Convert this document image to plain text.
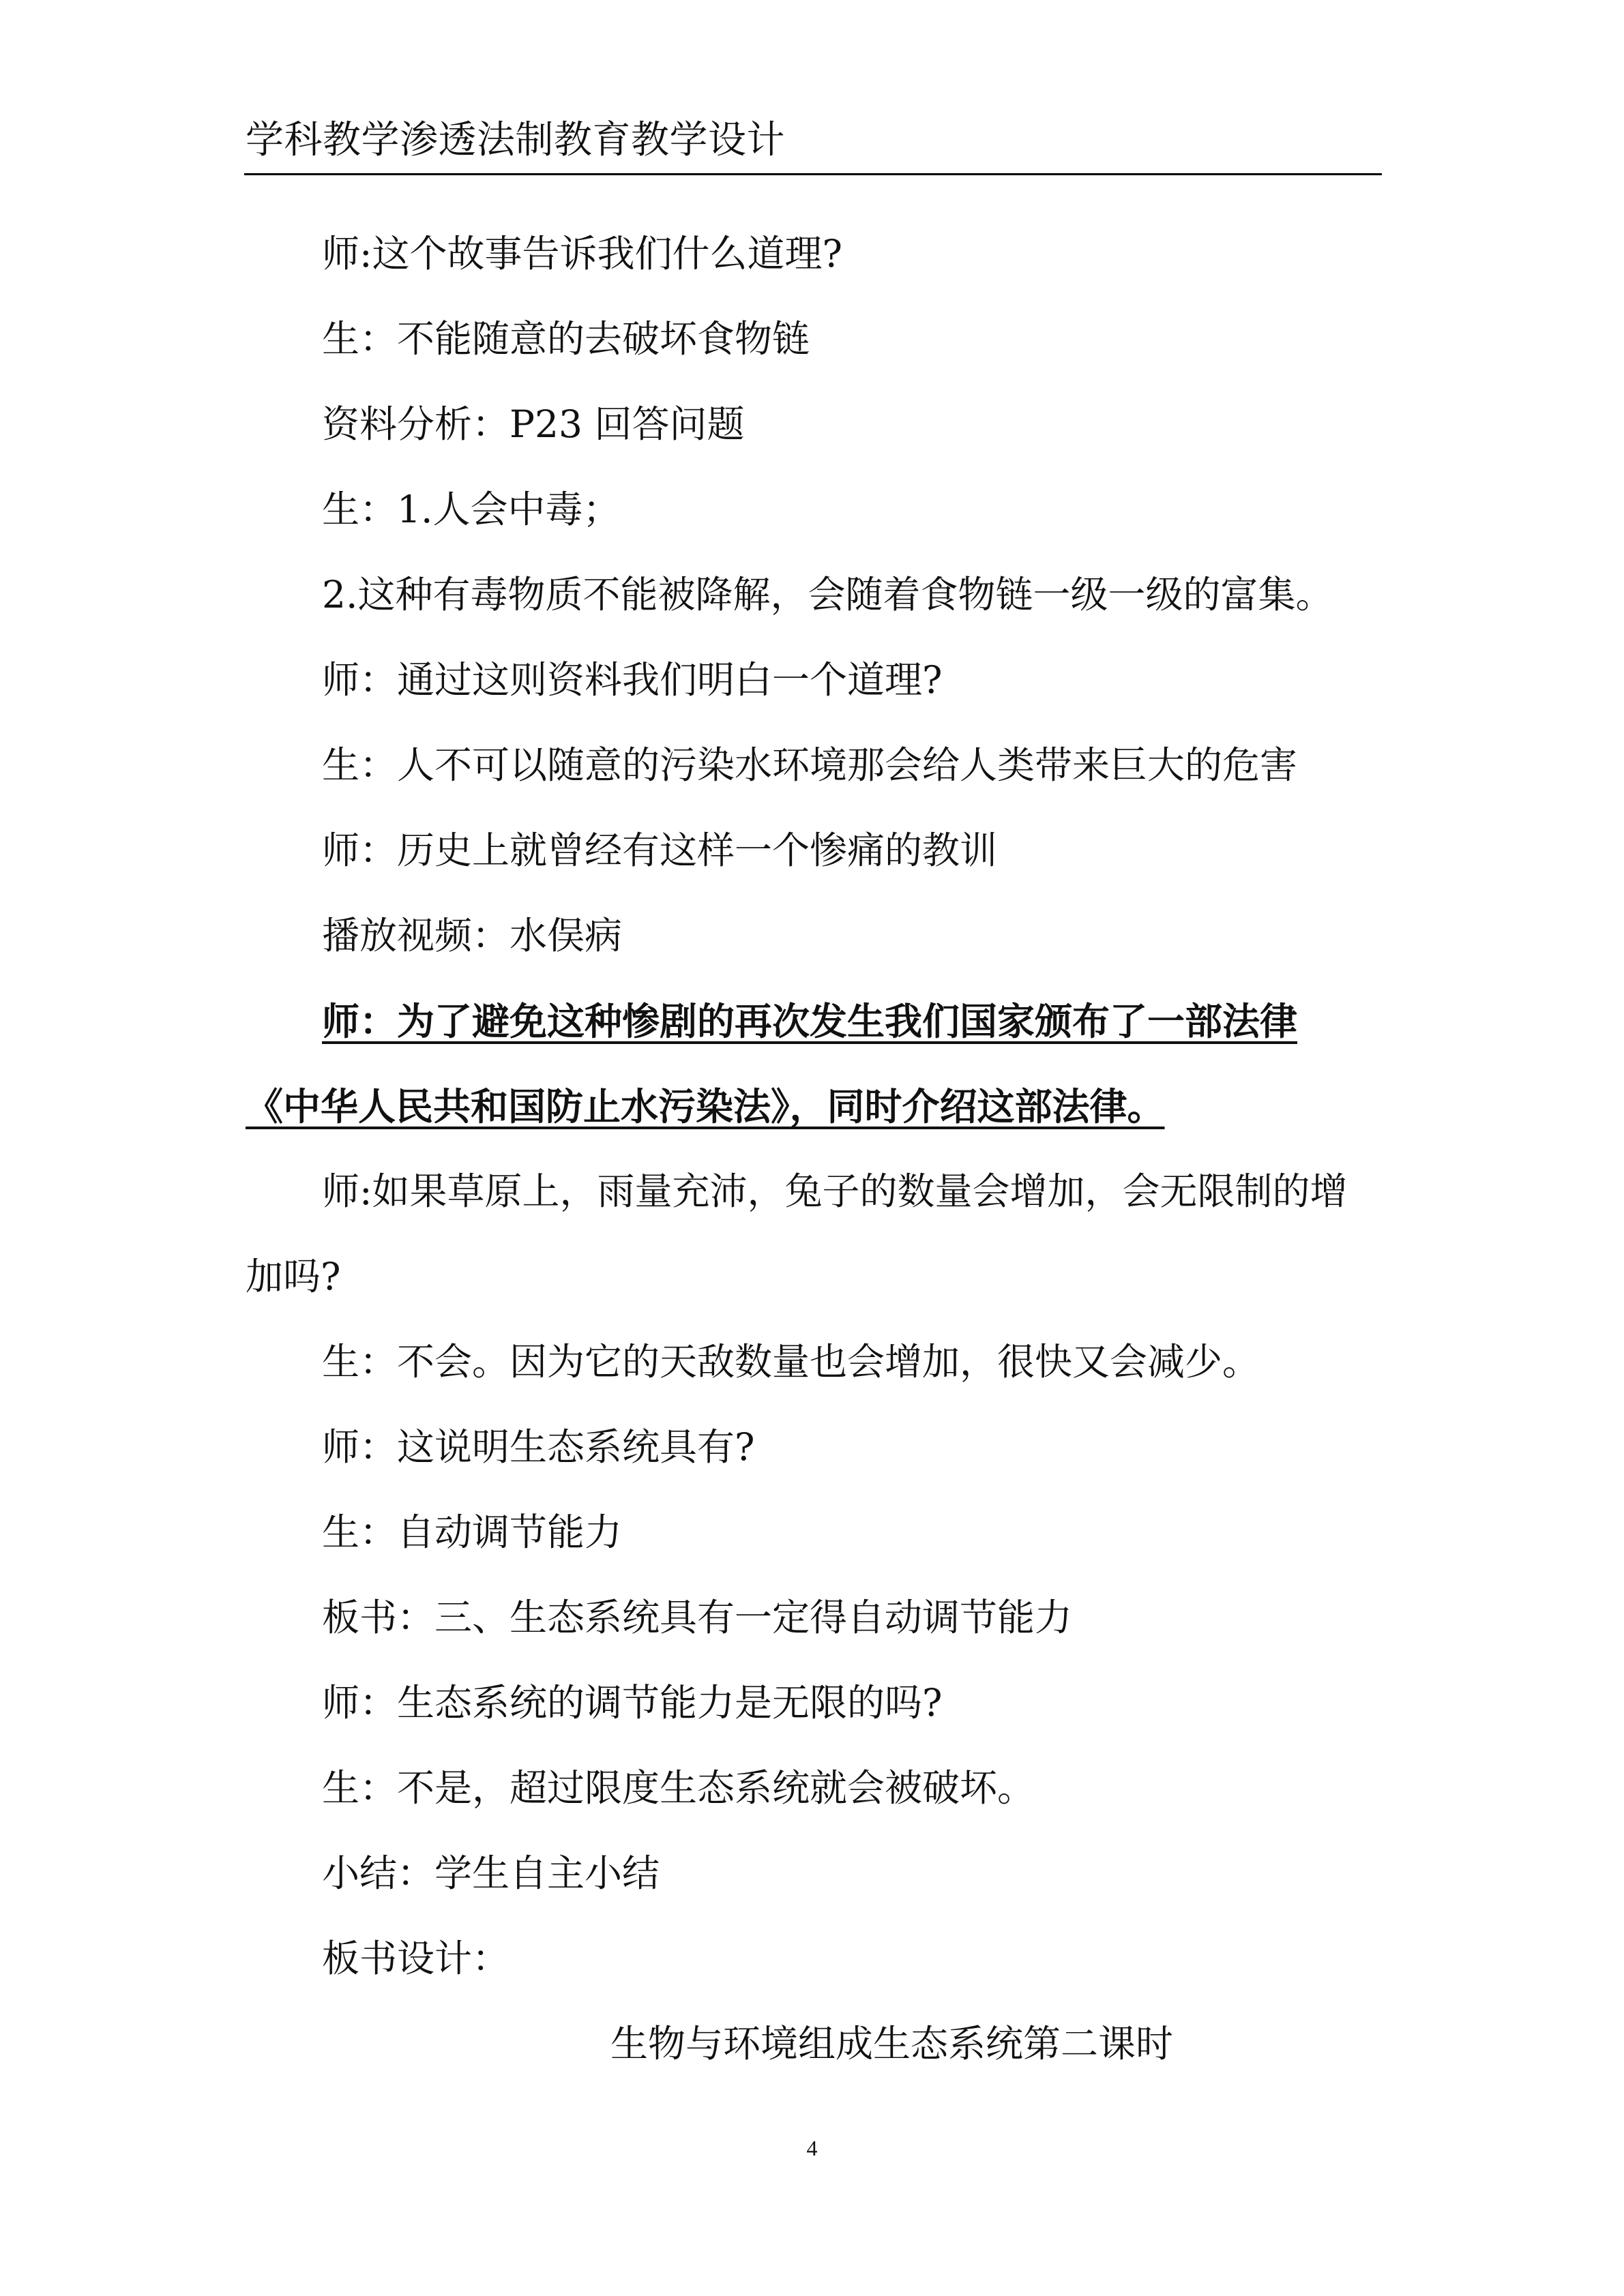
学科教学渗透法制教育教学设计

师:这个故事告诉我们什么道理?

生：不能随意的去破坏食物链

资料分析：P23 回答问题

生：1.人会中毒；

2.这种有毒物质不能被降解，会随着食物链一级一级的富集。

师：通过这则资料我们明白一个道理?

生：人不可以随意的污染水环境那会给人类带来巨大的危害

师：历史上就曾经有这样一个惨痛的教训

播放视频：水俣病

师：为了避免这种惨剧的再次发生我们国家颁布了一部法律

《中华人民共和国防止水污染法》，同时介绍这部法律。

师:如果草原上，雨量充沛，兔子的数量会增加，会无限制的增

加吗?

生：不会。因为它的天敌数量也会增加，很快又会减少。

师：这说明生态系统具有?

生：自动调节能力

板书：三、生态系统具有一定得自动调节能力

师：生态系统的调节能力是无限的吗?

生：不是，超过限度生态系统就会被破坏。

小结：学生自主小结

板书设计：

生物与环境组成生态系统第二课时

4
